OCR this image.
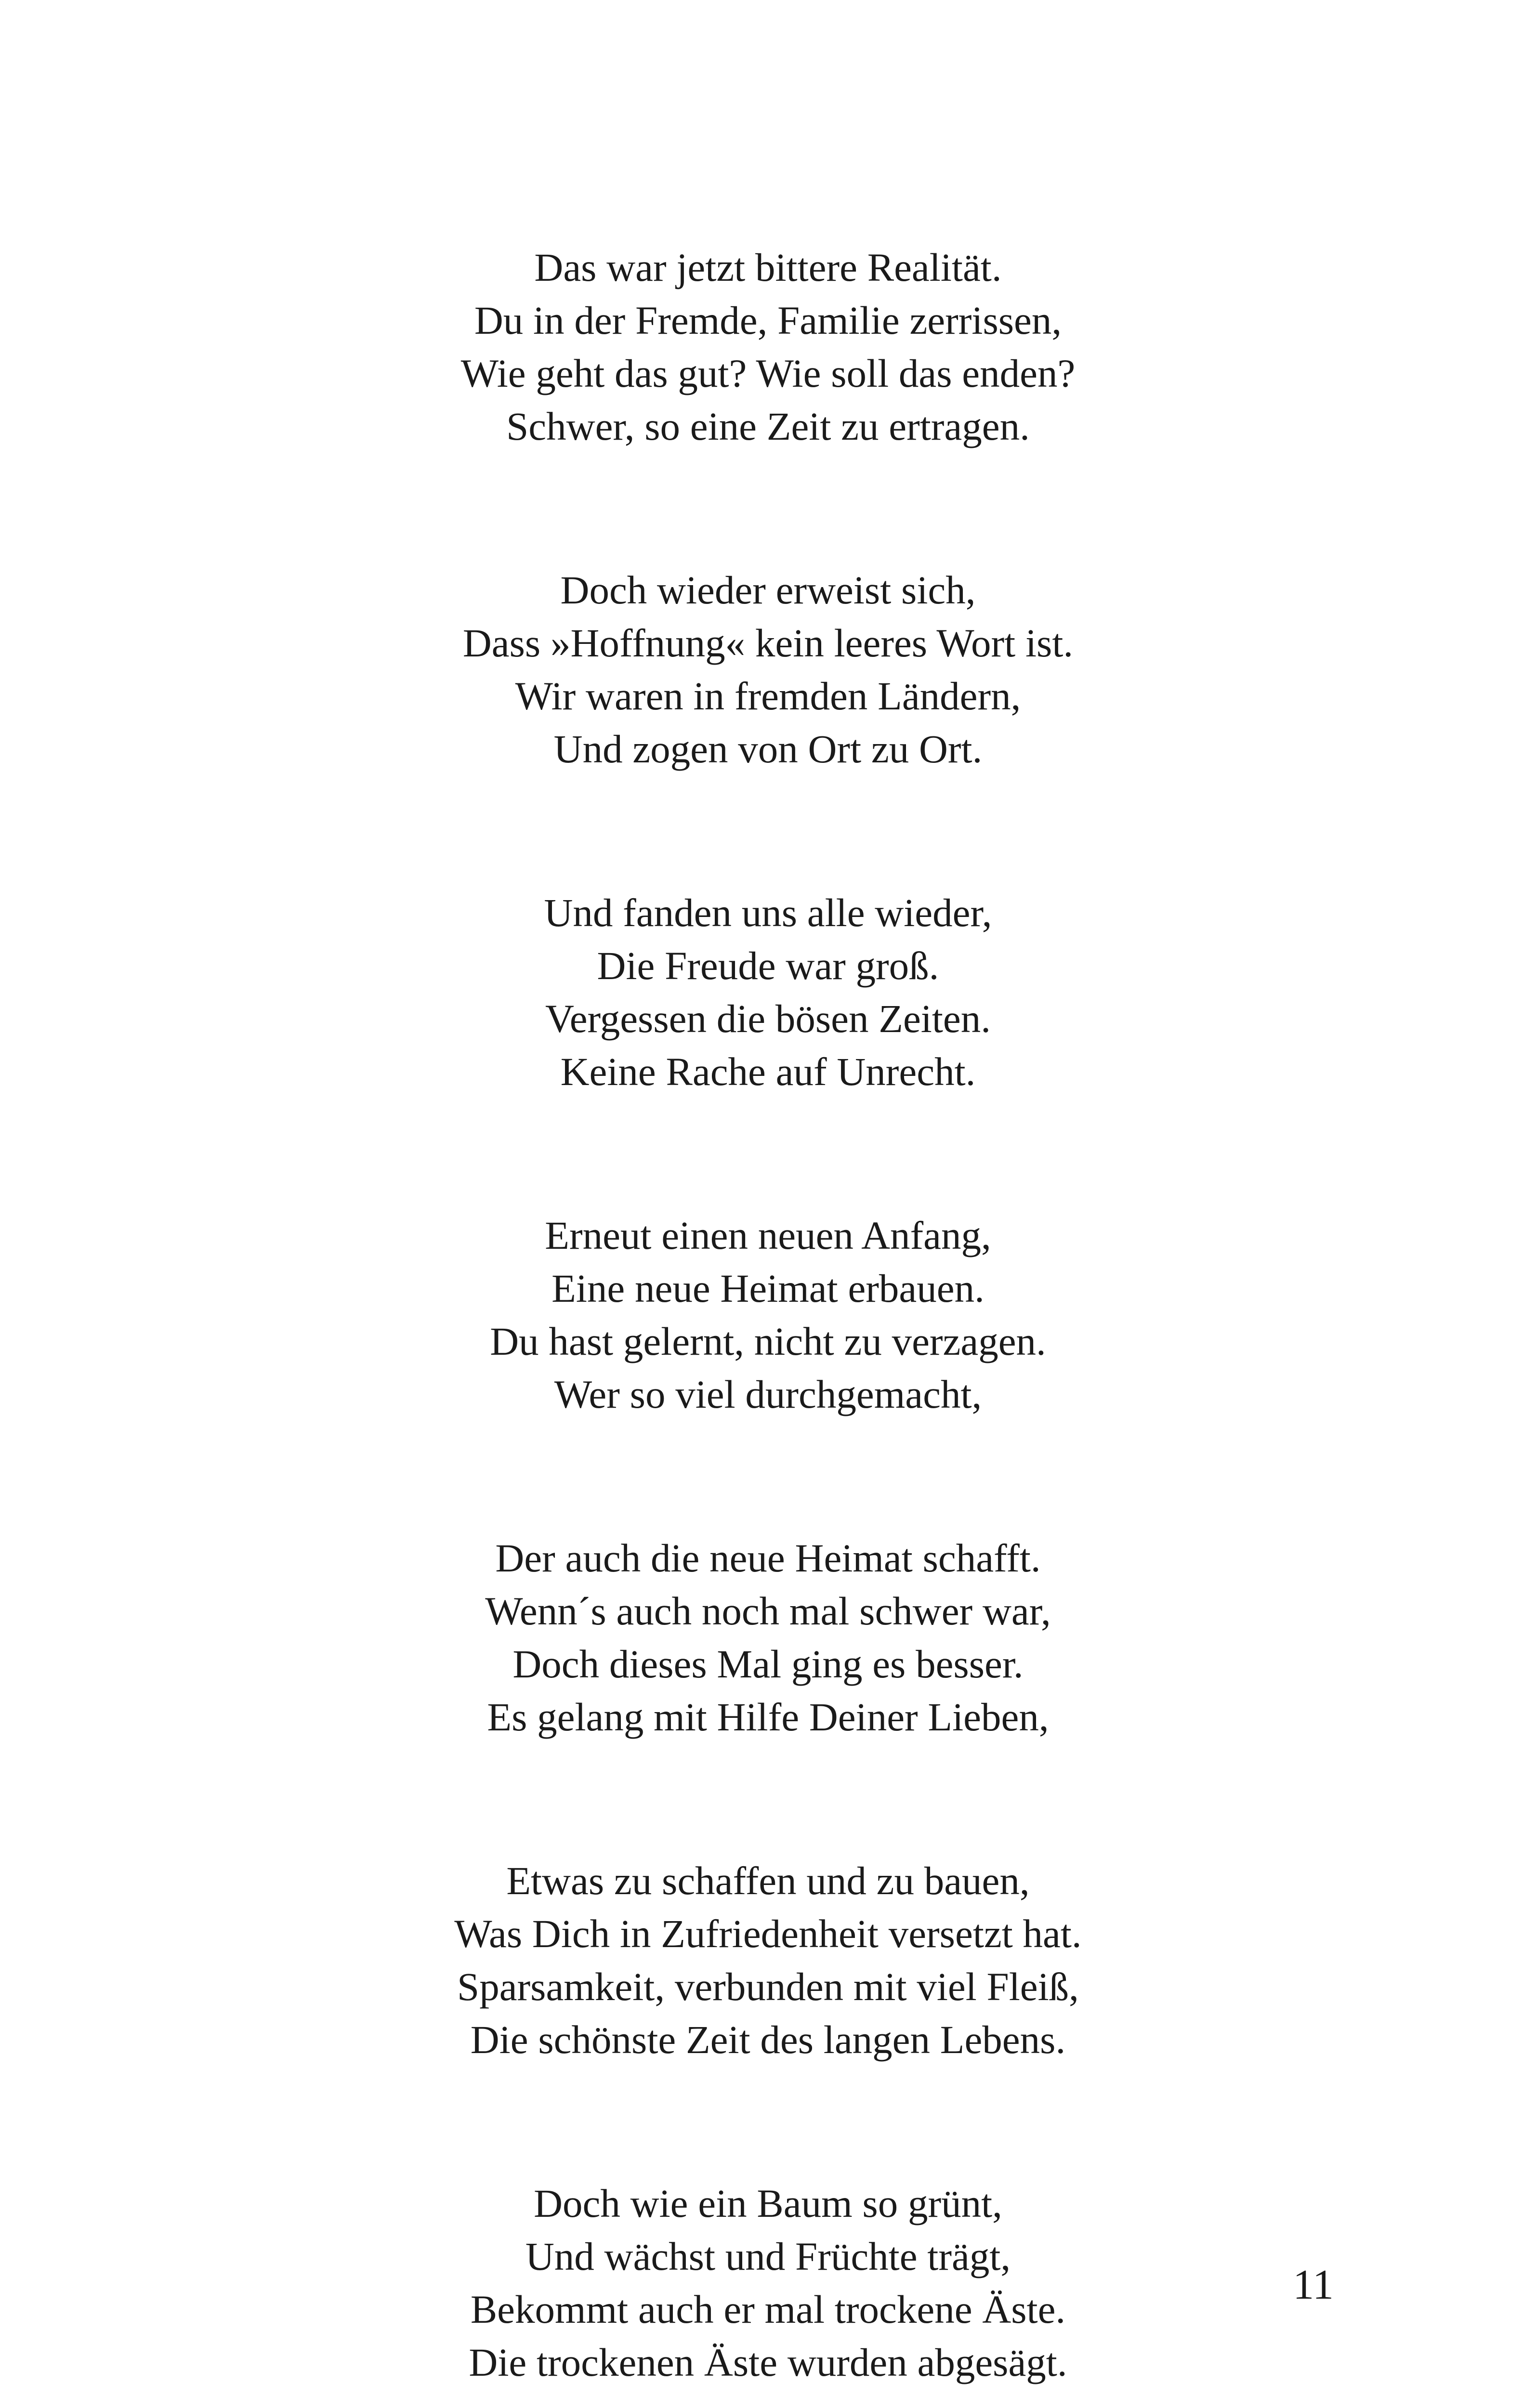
Das war jetzt bittere Realität.
Du in der Fremde, Familie zerrissen,
Wie geht das gut? Wie soll das enden?
Schwer, so eine Zeit zu ertragen.
Doch wieder erweist sich,
Dass »Hoffnung« kein leeres Wort ist.
Wir waren in fremden Ländern,
Und zogen von Ort zu Ort.
Und fanden uns alle wieder,
Die Freude war groß.
Vergessen die bösen Zeiten.
Keine Rache auf Unrecht.
Erneut einen neuen Anfang,
Eine neue Heimat erbauen.
Du hast gelernt, nicht zu verzagen.
Wer so viel durchgemacht,
Der auch die neue Heimat schafft.
Wenn´s auch noch mal schwer war,
Doch dieses Mal ging es besser.
Es gelang mit Hilfe Deiner Lieben,
Etwas zu schaffen und zu bauen,
Was Dich in Zufriedenheit versetzt hat.
Sparsamkeit, verbunden mit viel Fleiß,
Die schönste Zeit des langen Lebens.
Doch wie ein Baum so grünt,
Und wächst und Früchte trägt,
Bekommt auch er mal trockene Äste.
Die trockenen Äste wurden abgesägt.
11
